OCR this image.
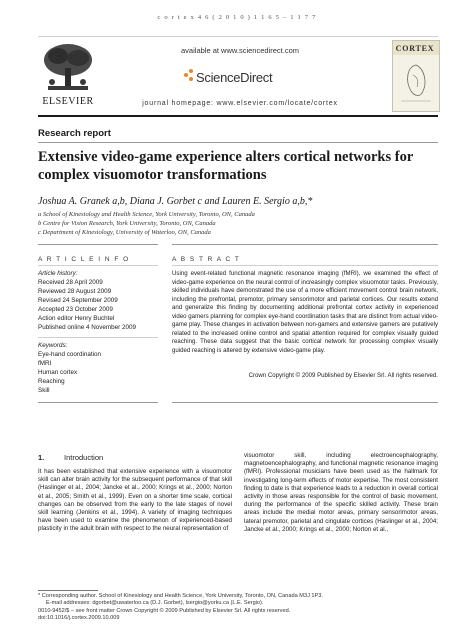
c o r t e x 4 6 ( 2 0 1 0 ) 1 1 6 5 – 1 1 7 7
ELSEVIER
available at www.sciencedirect.com
ScienceDirect
journal homepage: www.elsevier.com/locate/cortex
CORTEX
Research report
Extensive video-game experience alters cortical networks for complex visuomotor transformations
Joshua A. Granek a,b, Diana J. Gorbet c and Lauren E. Sergio a,b,*
a School of Kinesiology and Health Science, York University, Toronto, ON, Canada
b Centre for Vision Research, York University, Toronto, ON, Canada
c Department of Kinesiology, University of Waterloo, ON, Canada
A R T I C L E I N F O	A B S T R A C T
Article history:
Received 28 April 2009
Reviewed 28 August 2009
Revised 24 September 2009
Accepted 23 October 2009
Action editor Henry Buchtel
Published online 4 November 2009
Keywords:
Eye-hand coordination
fMRI
Human cortex
Reaching
Skill
Using event-related functional magnetic resonance imaging (fMRI), we examined the effect of video-game experience on the neural control of increasingly complex visuomotor tasks. Previously, skilled individuals have demonstrated the use of a more efficient movement control brain network, including the prefrontal, premotor, primary sensorimotor and parietal cortices. Our results extend and generalize this finding by documenting additional prefrontal cortex activity in experienced video gamers planning for complex eye-hand coordination tasks that are distinct from actual video-game play. These changes in activation between non-gamers and extensive gamers are putatively related to the increased online control and spatial attention required for complex visually guided reaching. These data suggest that the basic cortical network for processing complex visually guided reaching is altered by extensive video-game play.
Crown Copyright © 2009 Published by Elsevier Srl. All rights reserved.
1.	Introduction
It has been established that extensive experience with a visuomotor skill can alter brain activity for the subsequent performance of that skill (Haslinger et al., 2004; Jancke et al., 2000; Krings et al., 2000; Norton et al., 2005; Smith et al., 1999). Even on a shorter time scale, cortical changes can be observed from the early to the late stages of novel skill learning (Jenkins et al., 1994). A variety of imaging techniques have been used to examine the phenomenon of experienced-based plasticity in the adult brain with respect to the neural representation of
visuomotor skill, including electroencephalography, magnetoencephalography, and functional magnetic resonance imaging (fMRI). Professional musicians have been used as the hallmark for investigating long-term effects of motor expertise. The most consistent finding to date is that experience leads to a reduction in overall cortical activity in those areas responsible for the control of basic movement, during the performance of the specific skilled activity. These brain areas include the medial motor areas, primary sensorimotor areas, lateral premotor, parietal and cingulate cortices (Haslinger et al., 2004; Jancke et al., 2000; Krings et al., 2000; Norton et al.,
* Corresponding author. School of Kinesiology and Health Science, York University, Toronto, ON, Canada M3J 1P3.
E-mail addresses: dgorbet@uwaterloo.ca (D.J. Gorbet), lsergio@yorku.ca (L.E. Sergio).
0010-9452/$ – see front matter Crown Copyright © 2009 Published by Elsevier Srl. All rights reserved.
doi:10.1016/j.cortex.2009.10.009
